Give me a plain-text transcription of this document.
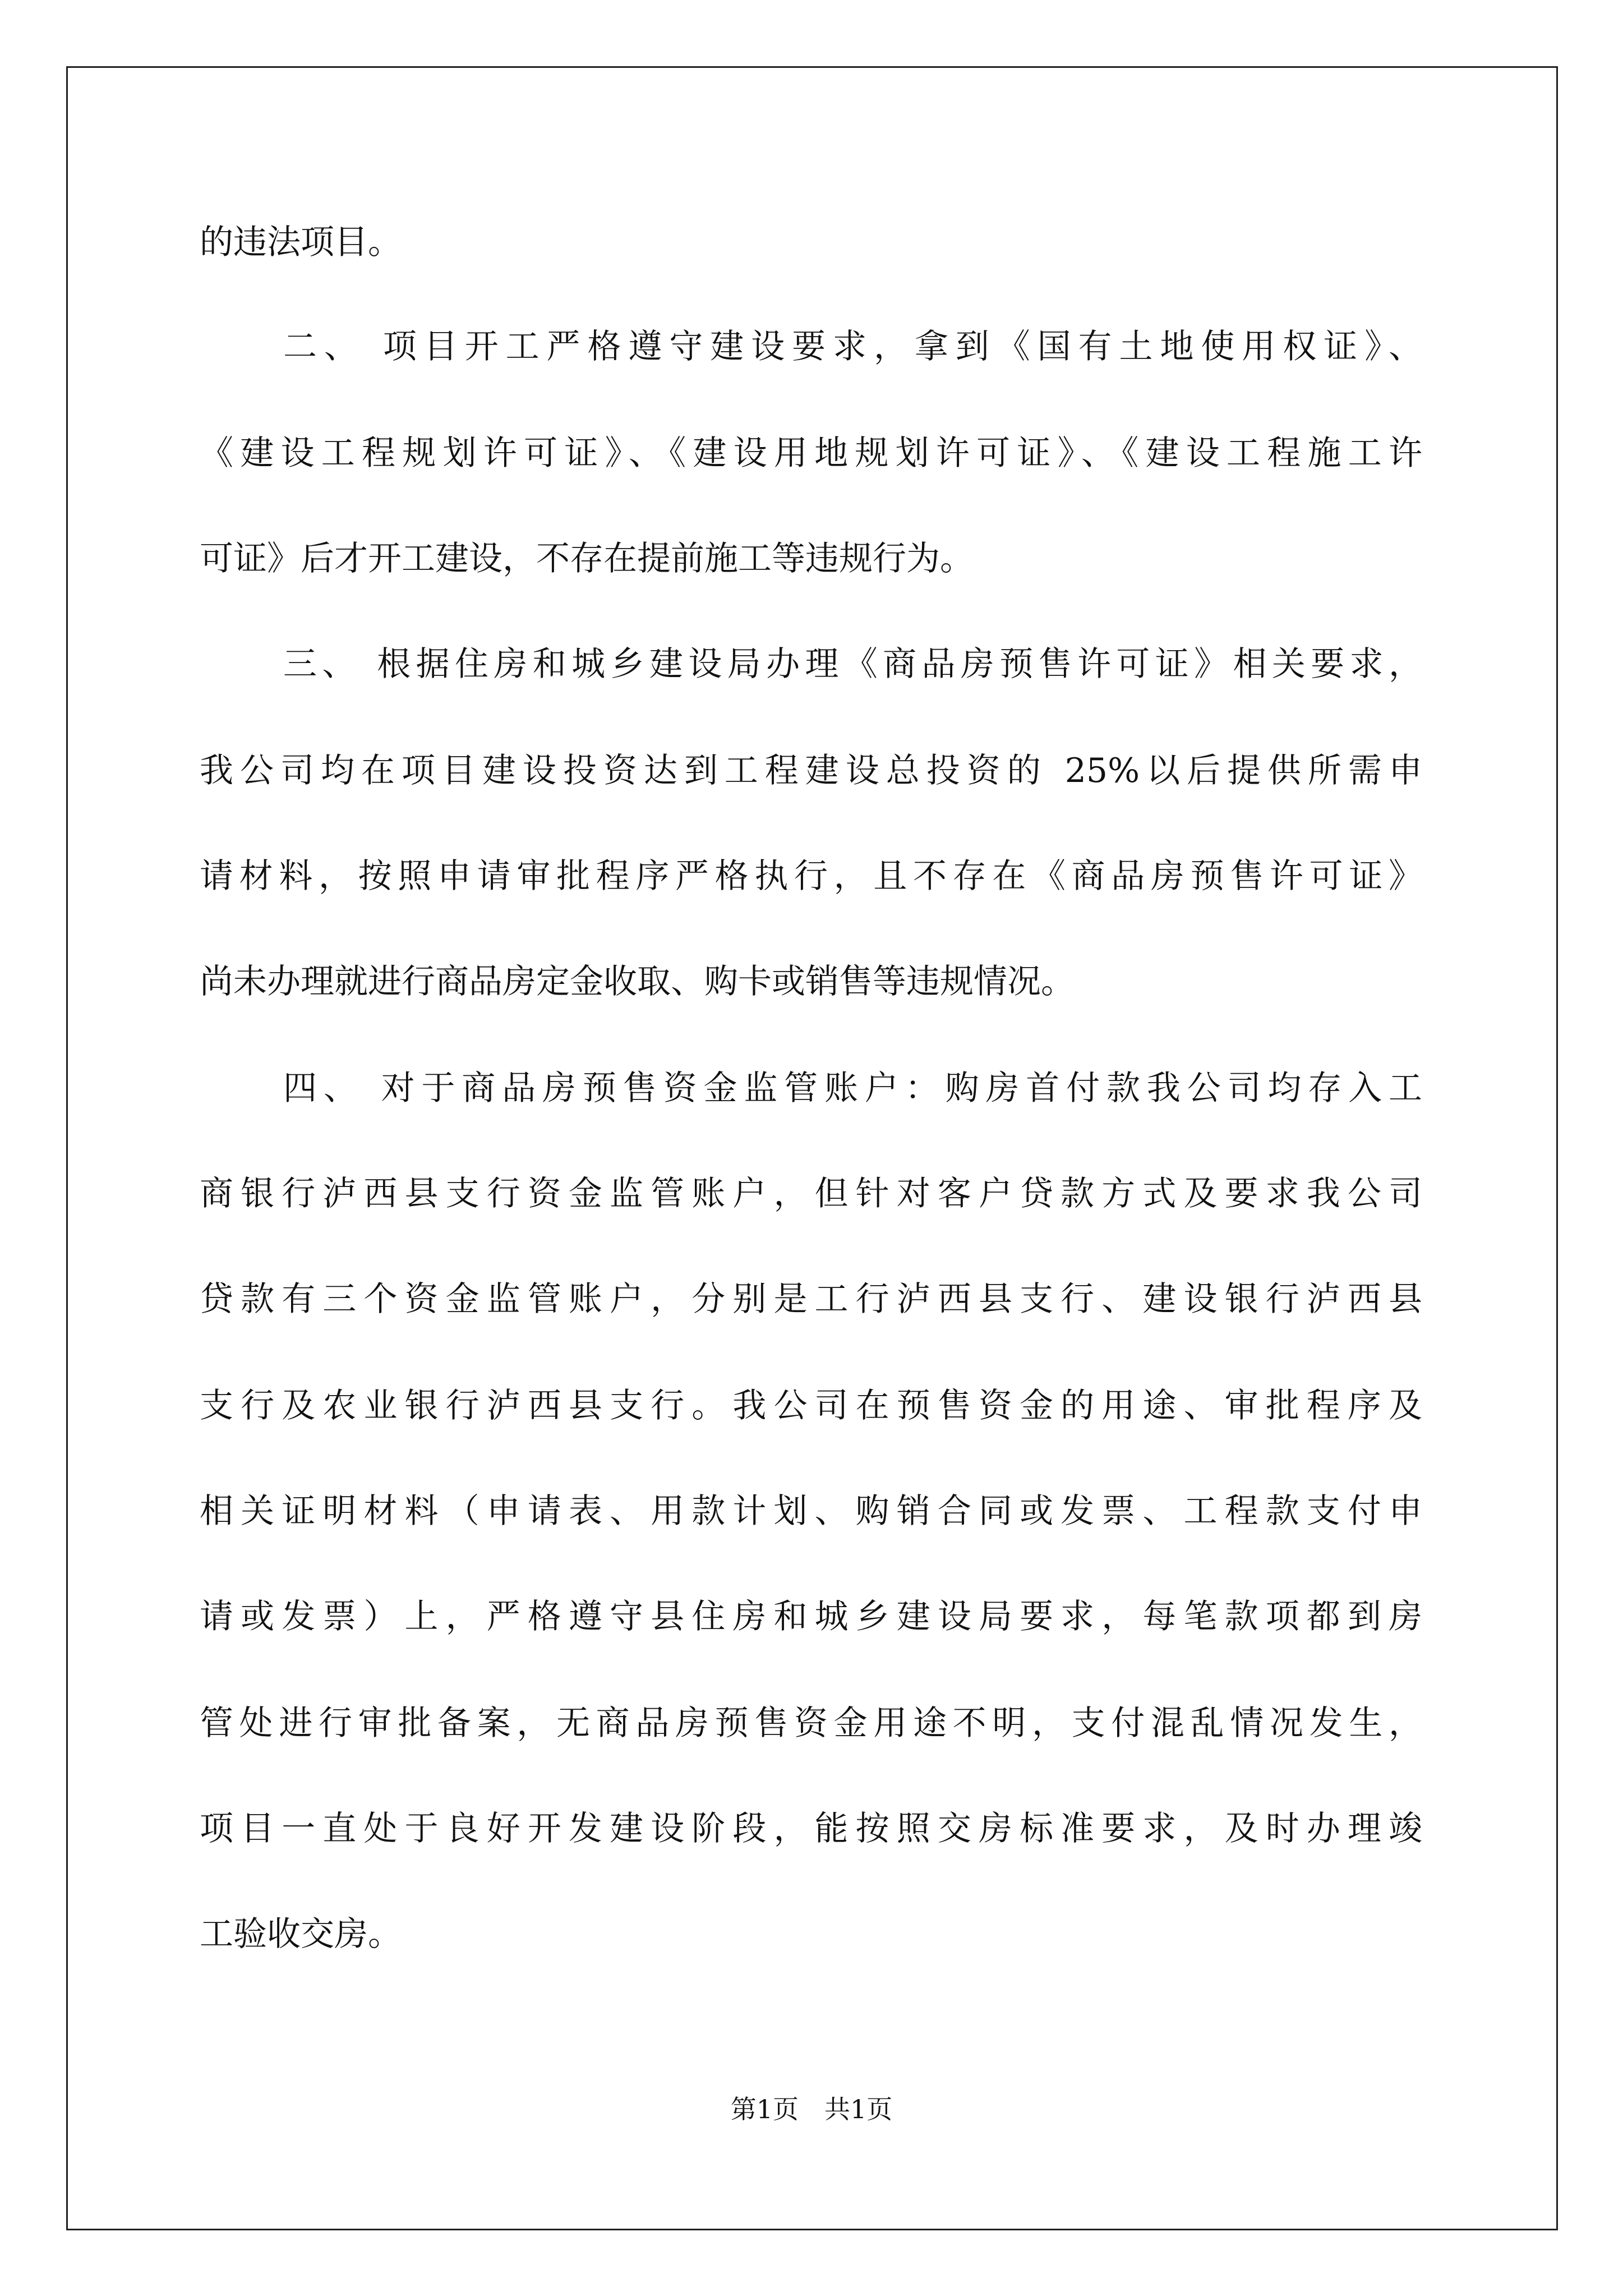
的违法项目。
二、 项目开工严格遵守建设要求，拿到《国有土地使用权证》、
《建设工程规划许可证》、《建设用地规划许可证》、《建设工程施工许
可证》后才开工建设，不存在提前施工等违规行为。
三、 根据住房和城乡建设局办理《商品房预售许可证》相关要求，
我公司均在项目建设投资达到工程建设总投资的 25%以后提供所需申
请材料，按照申请审批程序严格执行，且不存在《商品房预售许可证》
尚未办理就进行商品房定金收取、购卡或销售等违规情况。
四、 对于商品房预售资金监管账户：购房首付款我公司均存入工
商银行泸西县支行资金监管账户，但针对客户贷款方式及要求我公司
贷款有三个资金监管账户，分别是工行泸西县支行、建设银行泸西县
支行及农业银行泸西县支行。我公司在预售资金的用途、审批程序及
相关证明材料（申请表、用款计划、购销合同或发票、工程款支付申
请或发票）上，严格遵守县住房和城乡建设局要求，每笔款项都到房
管处进行审批备案，无商品房预售资金用途不明，支付混乱情况发生，
项目一直处于良好开发建设阶段，能按照交房标准要求，及时办理竣
工验收交房。
第1页　共1页
